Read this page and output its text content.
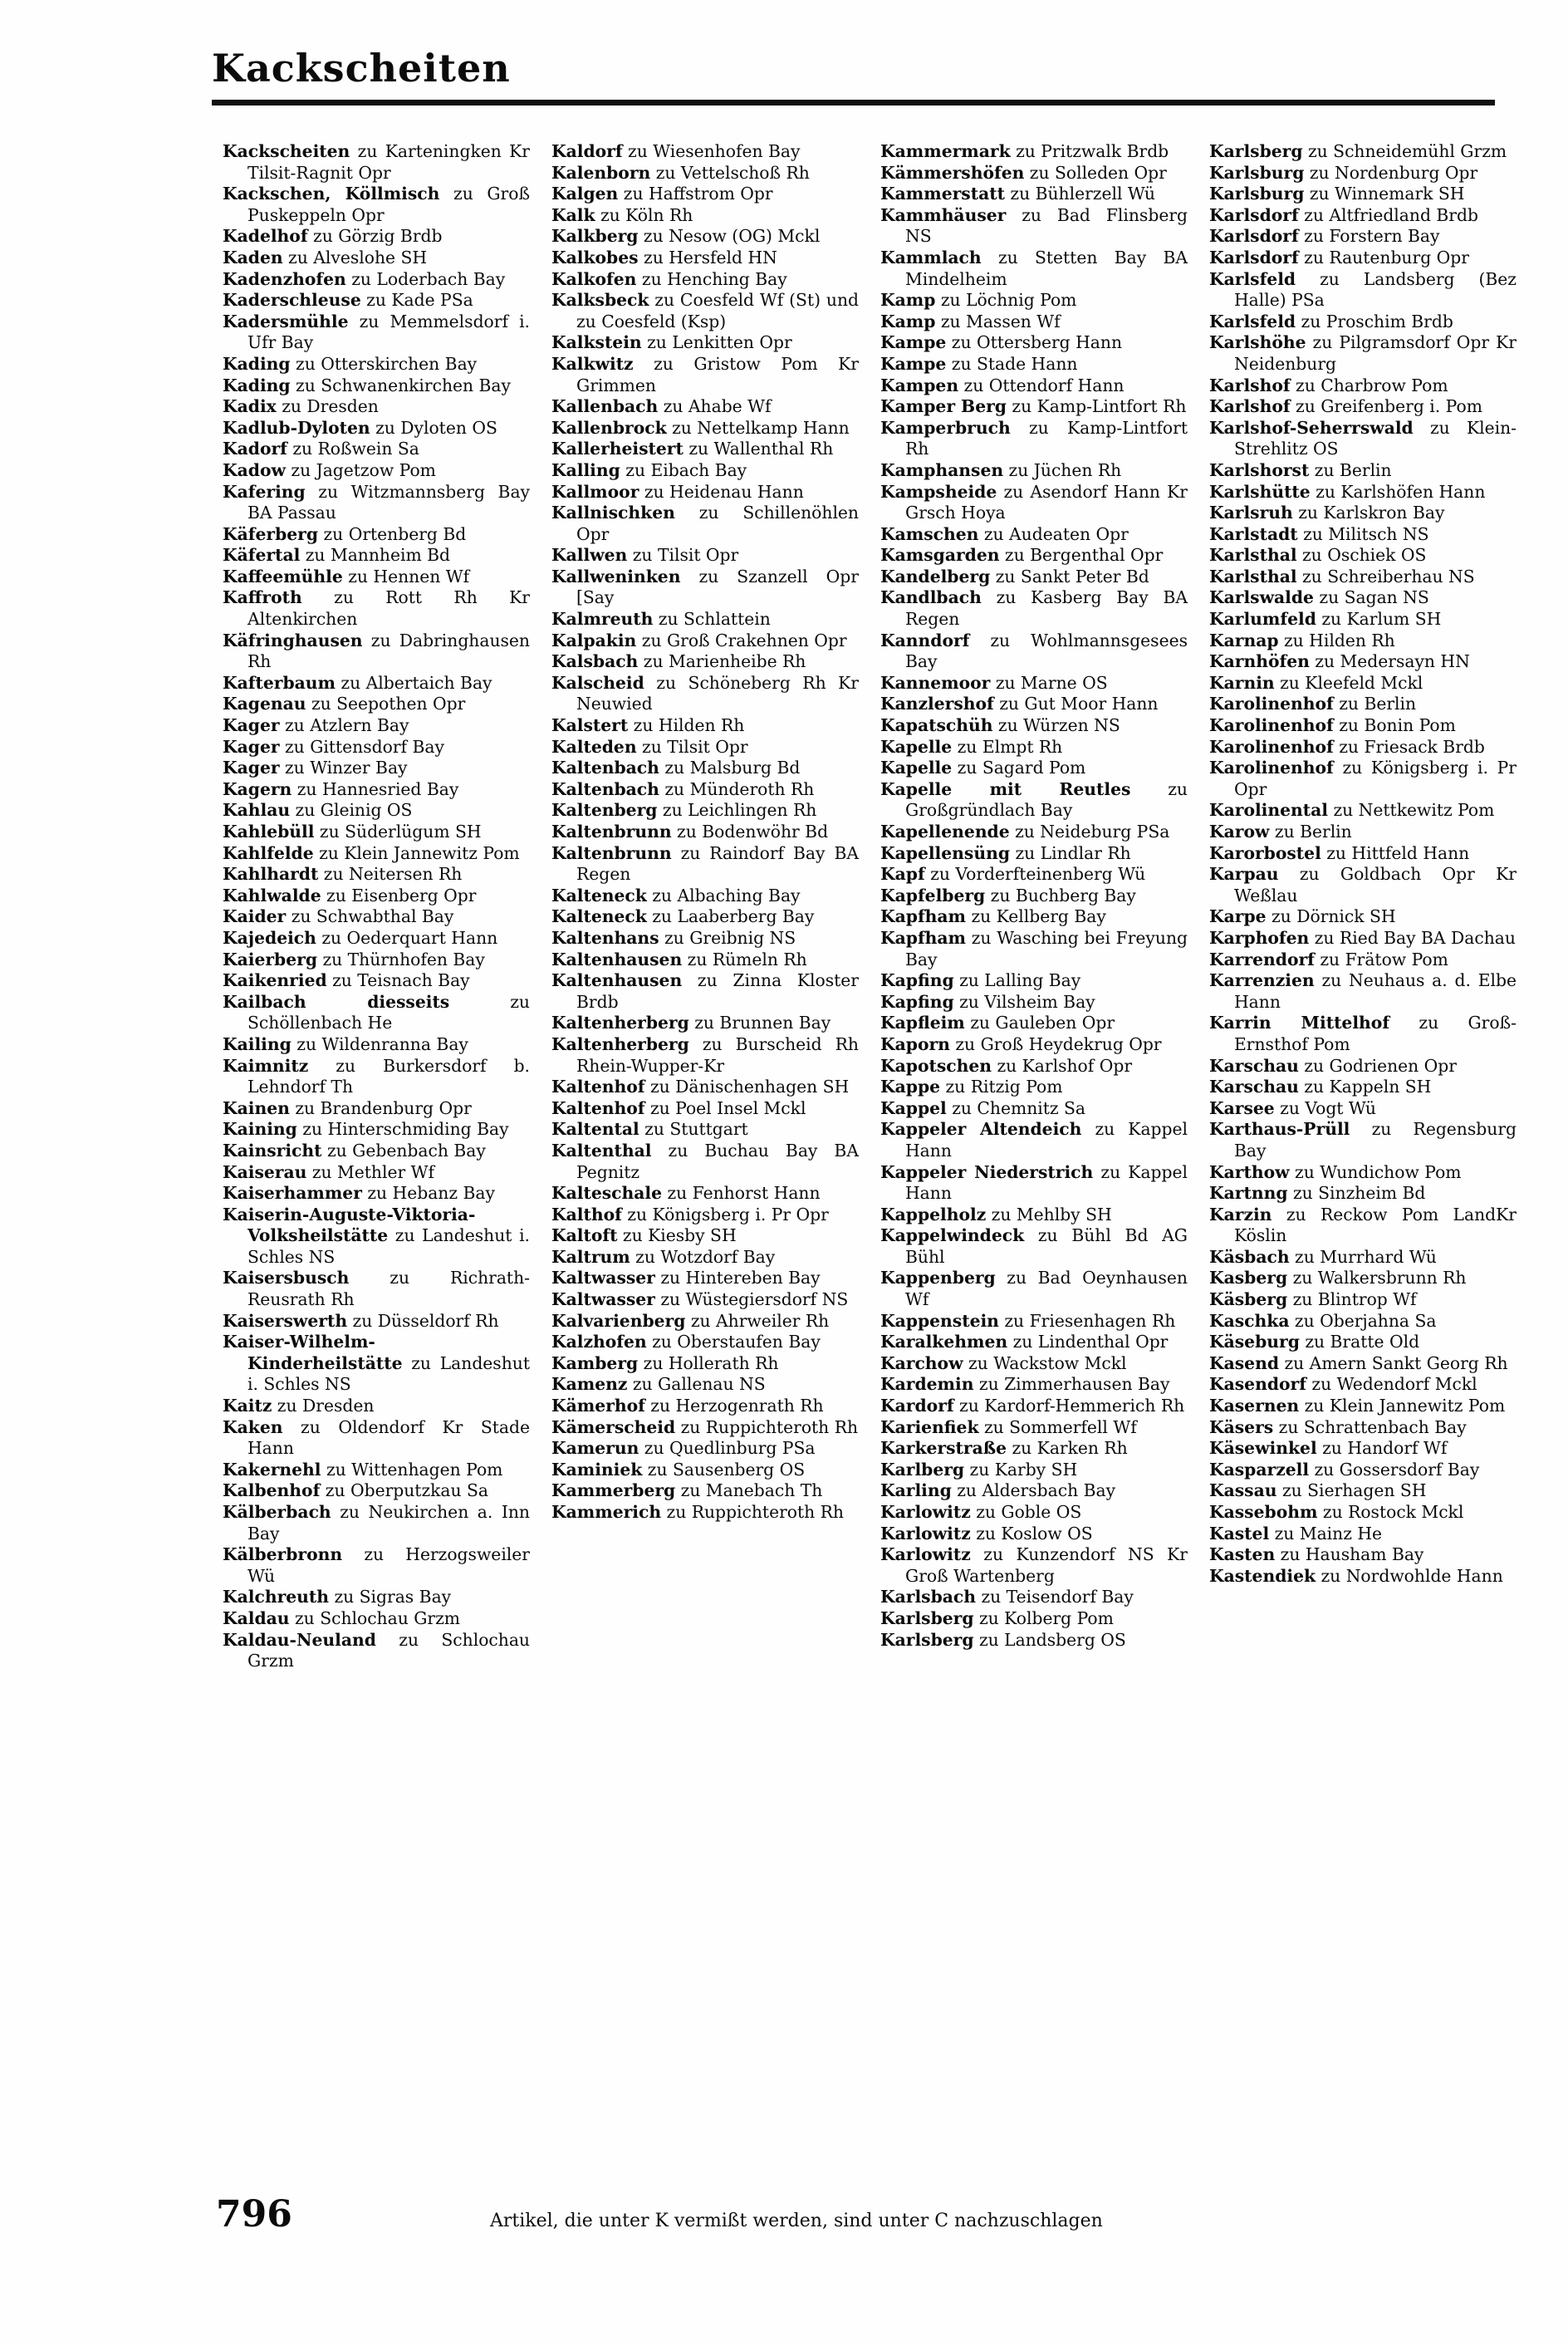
Kackscheiten

Kackscheiten zu Karteningken Kr Tilsit-Ragnit Opr

Kackschen, Köllmisch zu Groß Puskeppeln Opr

Kadelhof zu Görzig Brdb

Kaden zu Alveslohe SH

Kadenzhofen zu Loderbach Bay

Kaderschleuse zu Kade PSa

Kadersmühle zu Memmelsdorf i. Ufr Bay

Kading zu Otterskirchen Bay

Kading zu Schwanenkirchen Bay

Kadix zu Dresden

Kadlub-Dyloten zu Dyloten OS

Kadorf zu Roßwein Sa

Kadow zu Jagetzow Pom

Kafering zu Witzmannsberg Bay BA Passau

Käferberg zu Ortenberg Bd

Käfertal zu Mannheim Bd

Kaffeemühle zu Hennen Wf

Kaffroth zu Rott Rh Kr Altenkirchen

Käfringhausen zu Dabringhausen Rh

Kafterbaum zu Albertaich Bay

Kagenau zu Seepothen Opr

Kager zu Atzlern Bay

Kager zu Gittensdorf Bay

Kager zu Winzer Bay

Kagern zu Hannesried Bay

Kahlau zu Gleinig OS

Kahlebüll zu Süderlügum SH

Kahlfelde zu Klein Jannewitz Pom

Kahlhardt zu Neitersen Rh

Kahlwalde zu Eisenberg Opr

Kaider zu Schwabthal Bay

Kajedeich zu Oederquart Hann

Kaierberg zu Thürnhofen Bay

Kaikenried zu Teisnach Bay

Kailbach diesseits zu Schöllenbach He

Kailing zu Wildenranna Bay

Kaimnitz zu Burkersdorf b. Lehndorf Th

Kainen zu Brandenburg Opr

Kaining zu Hinterschmiding Bay

Kainsricht zu Gebenbach Bay

Kaiserau zu Methler Wf

Kaiserhammer zu Hebanz Bay

Kaiserin-Auguste-Viktoria-Volksheilstätte zu Landeshut i. Schles NS

Kaisersbusch zu Richrath-Reusrath Rh

Kaiserswerth zu Düsseldorf Rh

Kaiser-Wilhelm-Kinderheilstätte zu Landeshut i. Schles NS

Kaitz zu Dresden

Kaken zu Oldendorf Kr Stade Hann

Kakernehl zu Wittenhagen Pom

Kalbenhof zu Oberputzkau Sa

Kälberbach zu Neukirchen a. Inn Bay

Kälberbronn zu Herzogsweiler Wü

Kalchreuth zu Sigras Bay

Kaldau zu Schlochau Grzm

Kaldau-Neuland zu Schlochau Grzm

Kaldorf zu Wiesenhofen Bay

Kalenborn zu Vettelschoß Rh

Kalgen zu Haffstrom Opr

Kalk zu Köln Rh

Kalkberg zu Nesow (OG) Mckl

Kalkobes zu Hersfeld HN

Kalkofen zu Henching Bay

Kalksbeck zu Coesfeld Wf (St) und zu Coesfeld (Ksp)

Kalkstein zu Lenkitten Opr

Kalkwitz zu Gristow Pom Kr Grimmen

Kallenbach zu Ahabe Wf

Kallenbrock zu Nettelkamp Hann

Kallerheistert zu Wallenthal Rh

Kalling zu Eibach Bay

Kallmoor zu Heidenau Hann

Kallnischken zu Schillenöhlen Opr

Kallwen zu Tilsit Opr

Kallweninken zu Szanzell Opr [Say

Kalmreuth zu Schlattein

Kalpakin zu Groß Crakehnen Opr

Kalsbach zu Marienheibe Rh

Kalscheid zu Schöneberg Rh Kr Neuwied

Kalstert zu Hilden Rh

Kalteden zu Tilsit Opr

Kaltenbach zu Malsburg Bd

Kaltenbach zu Münderoth Rh

Kaltenberg zu Leichlingen Rh

Kaltenbrunn zu Bodenwöhr Bd

Kaltenbrunn zu Raindorf Bay BA Regen

Kalteneck zu Albaching Bay

Kalteneck zu Laaberberg Bay

Kaltenhans zu Greibnig NS

Kaltenhausen zu Rümeln Rh

Kaltenhausen zu Zinna Kloster Brdb

Kaltenherberg zu Brunnen Bay

Kaltenherberg zu Burscheid Rh Rhein-Wupper-Kr

Kaltenhof zu Dänischenhagen SH

Kaltenhof zu Poel Insel Mckl

Kaltental zu Stuttgart

Kaltenthal zu Buchau Bay BA Pegnitz

Kalteschale zu Fenhorst Hann

Kalthof zu Königsberg i. Pr Opr

Kaltoft zu Kiesby SH

Kaltrum zu Wotzdorf Bay

Kaltwasser zu Hintereben Bay

Kaltwasser zu Wüstegiersdorf NS

Kalvarienberg zu Ahrweiler Rh

Kalzhofen zu Oberstaufen Bay

Kamberg zu Hollerath Rh

Kamenz zu Gallenau NS

Kämerhof zu Herzogenrath Rh

Kämerscheid zu Ruppichteroth Rh

Kamerun zu Quedlinburg PSa

Kaminiek zu Sausenberg OS

Kammerberg zu Manebach Th

Kammerich zu Ruppichteroth Rh

Kammermark zu Pritzwalk Brdb

Kämmershöfen zu Solleden Opr

Kammerstatt zu Bühlerzell Wü

Kammhäuser zu Bad Flinsberg NS

Kammlach zu Stetten Bay BA Mindelheim

Kamp zu Löchnig Pom

Kamp zu Massen Wf

Kampe zu Ottersberg Hann

Kampe zu Stade Hann

Kampen zu Ottendorf Hann

Kamper Berg zu Kamp-Lintfort Rh

Kamperbruch zu Kamp-Lintfort Rh

Kamphansen zu Jüchen Rh

Kampsheide zu Asendorf Hann Kr Grsch Hoya

Kamschen zu Audeaten Opr

Kamsgarden zu Bergenthal Opr

Kandelberg zu Sankt Peter Bd

Kandlbach zu Kasberg Bay BA Regen

Kanndorf zu Wohlmannsgesees Bay

Kannemoor zu Marne OS

Kanzlershof zu Gut Moor Hann

Kapatschüh zu Würzen NS

Kapelle zu Elmpt Rh

Kapelle zu Sagard Pom

Kapelle mit Reutles zu Großgründlach Bay

Kapellenende zu Neideburg PSa

Kapellensüng zu Lindlar Rh

Kapf zu Vorderfteinenberg Wü

Kapfelberg zu Buchberg Bay

Kapfham zu Kellberg Bay

Kapfham zu Wasching bei Freyung Bay

Kapfing zu Lalling Bay

Kapfing zu Vilsheim Bay

Kapfleim zu Gauleben Opr

Kaporn zu Groß Heydekrug Opr

Kapotschen zu Karlshof Opr

Kappe zu Ritzig Pom

Kappel zu Chemnitz Sa

Kappeler Altendeich zu Kappel Hann

Kappeler Niederstrich zu Kappel Hann

Kappelholz zu Mehlby SH

Kappelwindeck zu Bühl Bd AG Bühl

Kappenberg zu Bad Oeynhausen Wf

Kappenstein zu Friesenhagen Rh

Karalkehmen zu Lindenthal Opr

Karchow zu Wackstow Mckl

Kardemin zu Zimmerhausen Bay

Kardorf zu Kardorf-Hemmerich Rh

Karienfiek zu Sommerfell Wf

Karkerstraße zu Karken Rh

Karlberg zu Karby SH

Karling zu Aldersbach Bay

Karlowitz zu Goble OS

Karlowitz zu Koslow OS

Karlowitz zu Kunzendorf NS Kr Groß Wartenberg

Karlsbach zu Teisendorf Bay

Karlsberg zu Kolberg Pom

Karlsberg zu Landsberg OS

Karlsberg zu Schneidemühl Grzm

Karlsburg zu Nordenburg Opr

Karlsburg zu Winnemark SH

Karlsdorf zu Altfriedland Brdb

Karlsdorf zu Forstern Bay

Karlsdorf zu Rautenburg Opr

Karlsfeld zu Landsberg (Bez Halle) PSa

Karlsfeld zu Proschim Brdb

Karlshöhe zu Pilgramsdorf Opr Kr Neidenburg

Karlshof zu Charbrow Pom

Karlshof zu Greifenberg i. Pom

Karlshof-Seherrswald zu Klein-Strehlitz OS

Karlshorst zu Berlin

Karlshütte zu Karlshöfen Hann

Karlsruh zu Karlskron Bay

Karlstadt zu Militsch NS

Karlsthal zu Oschiek OS

Karlsthal zu Schreiberhau NS

Karlswalde zu Sagan NS

Karlumfeld zu Karlum SH

Karnap zu Hilden Rh

Karnhöfen zu Medersayn HN

Karnin zu Kleefeld Mckl

Karolinenhof zu Berlin

Karolinenhof zu Bonin Pom

Karolinenhof zu Friesack Brdb

Karolinenhof zu Königsberg i. Pr Opr

Karolinental zu Nettkewitz Pom

Karow zu Berlin

Karorbostel zu Hittfeld Hann

Karpau zu Goldbach Opr Kr Weßlau

Karpe zu Dörnick SH

Karphofen zu Ried Bay BA Dachau

Karrendorf zu Frätow Pom

Karrenzien zu Neuhaus a. d. Elbe Hann

Karrin Mittelhof zu Groß-Ernsthof Pom

Karschau zu Godrienen Opr

Karschau zu Kappeln SH

Karsee zu Vogt Wü

Karthaus-Prüll zu Regensburg Bay

Karthow zu Wundichow Pom

Kartnng zu Sinzheim Bd

Karzin zu Reckow Pom LandKr Köslin

Käsbach zu Murrhard Wü

Kasberg zu Walkersbrunn Rh

Käsberg zu Blintrop Wf

Kaschka zu Oberjahna Sa

Käseburg zu Bratte Old

Kasend zu Amern Sankt Georg Rh

Kasendorf zu Wedendorf Mckl

Kasernen zu Klein Jannewitz Pom

Käsers zu Schrattenbach Bay

Käsewinkel zu Handorf Wf

Kasparzell zu Gossersdorf Bay

Kassau zu Sierhagen SH

Kassebohm zu Rostock Mckl

Kastel zu Mainz He

Kasten zu Hausham Bay

Kastendiek zu Nordwohlde Hann

796	Artikel, die unter K vermißt werden, sind unter C nachzuschlagen
